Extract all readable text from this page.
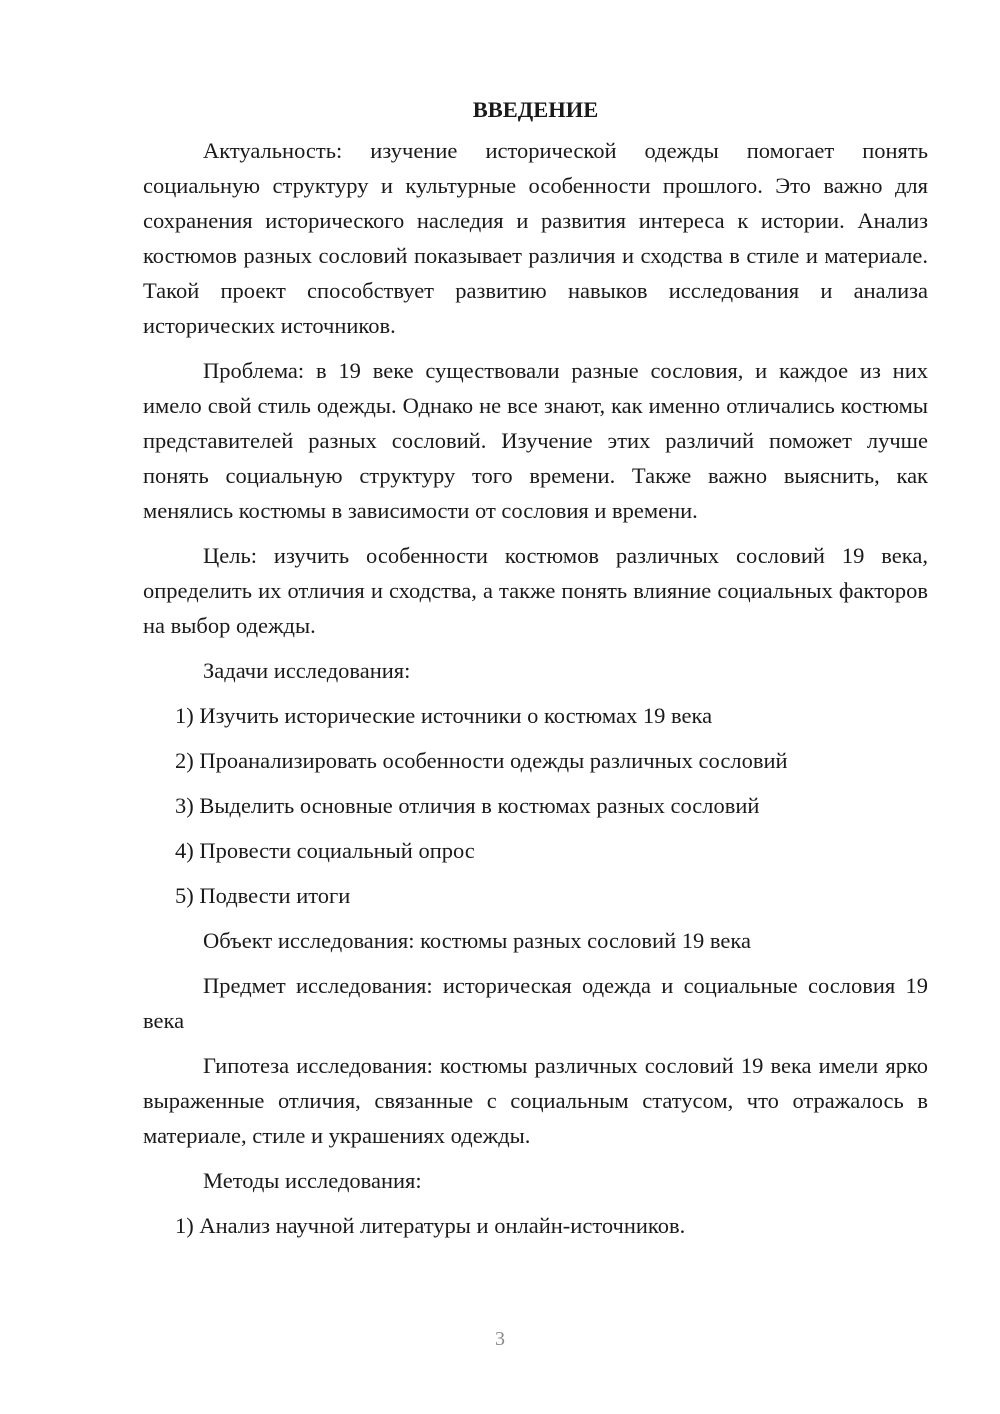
ВВЕДЕНИЕ

Актуальность: изучение исторической одежды помогает понять социальную структуру и культурные особенности прошлого. Это важно для сохранения исторического наследия и развития интереса к истории. Анализ костюмов разных сословий показывает различия и сходства в стиле и материале. Такой проект способствует развитию навыков исследования и анализа исторических источников.

Проблема: в 19 веке существовали разные сословия, и каждое из них имело свой стиль одежды. Однако не все знают, как именно отличались костюмы представителей разных сословий. Изучение этих различий поможет лучше понять социальную структуру того времени. Также важно выяснить, как менялись костюмы в зависимости от сословия и времени.

Цель: изучить особенности костюмов различных сословий 19 века, определить их отличия и сходства, а также понять влияние социальных факторов на выбор одежды.

Задачи исследования:

1) Изучить исторические источники о костюмах 19 века

2) Проанализировать особенности одежды различных сословий

3) Выделить основные отличия в костюмах разных сословий

4) Провести социальный опрос

5) Подвести итоги

Объект исследования: костюмы разных сословий 19 века

Предмет исследования: историческая одежда и социальные сословия 19 века

Гипотеза исследования: костюмы различных сословий 19 века имели ярко выраженные отличия, связанные с социальным статусом, что отражалось в материале, стиле и украшениях одежды.

Методы исследования:

1) Анализ научной литературы и онлайн-источников.

3
